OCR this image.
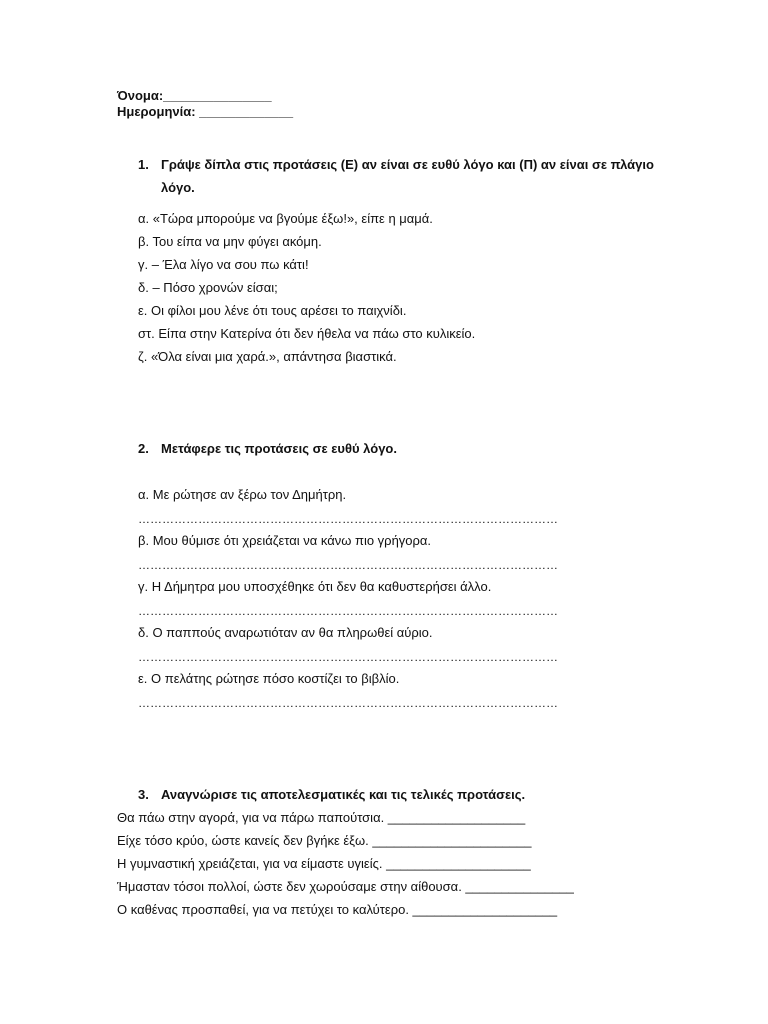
Όνομα:_______________
Ημερομηνία: _____________
1. Γράψε δίπλα στις προτάσεις (Ε) αν είναι σε ευθύ λόγο και (Π) αν είναι σε πλάγιο λόγο.
α. «Τώρα μπορούμε να βγούμε έξω!», είπε η μαμά.
β. Του είπα να μην φύγει ακόμη.
γ. – Έλα λίγο να σου πω κάτι!
δ. – Πόσο χρονών είσαι;
ε. Οι φίλοι μου λένε ότι τους αρέσει το παιχνίδι.
στ. Είπα στην Κατερίνα ότι δεν ήθελα να πάω στο κυλικείο.
ζ. «Όλα είναι μια χαρά.», απάντησα βιαστικά.
2. Μετάφερε τις προτάσεις σε ευθύ λόγο.
α. Με ρώτησε αν ξέρω τον Δημήτρη.
……………………………………………………………………………………………
β. Μου θύμισε ότι χρειάζεται να κάνω πιο γρήγορα.
……………………………………………………………………………………………
γ. Η Δήμητρα μου υποσχέθηκε ότι δεν θα καθυστερήσει άλλο.
……………………………………………………………………………………………
δ. Ο παππούς αναρωτιόταν αν θα πληρωθεί αύριο.
……………………………………………………………………………………………
ε. Ο πελάτης ρώτησε πόσο κοστίζει το βιβλίο.
……………………………………………………………………………………………
3. Αναγνώρισε τις αποτελεσματικές και τις τελικές προτάσεις.
Θα πάω στην αγορά, για να πάρω παπούτσια. ___________________
Είχε τόσο κρύο, ώστε κανείς δεν βγήκε έξω. ______________________
Η γυμναστική χρειάζεται, για να είμαστε υγιείς. ____________________
Ήμασταν τόσοι πολλοί, ώστε δεν χωρούσαμε στην αίθουσα. _______________
Ο καθένας προσπαθεί, για να πετύχει το καλύτερο. ____________________
